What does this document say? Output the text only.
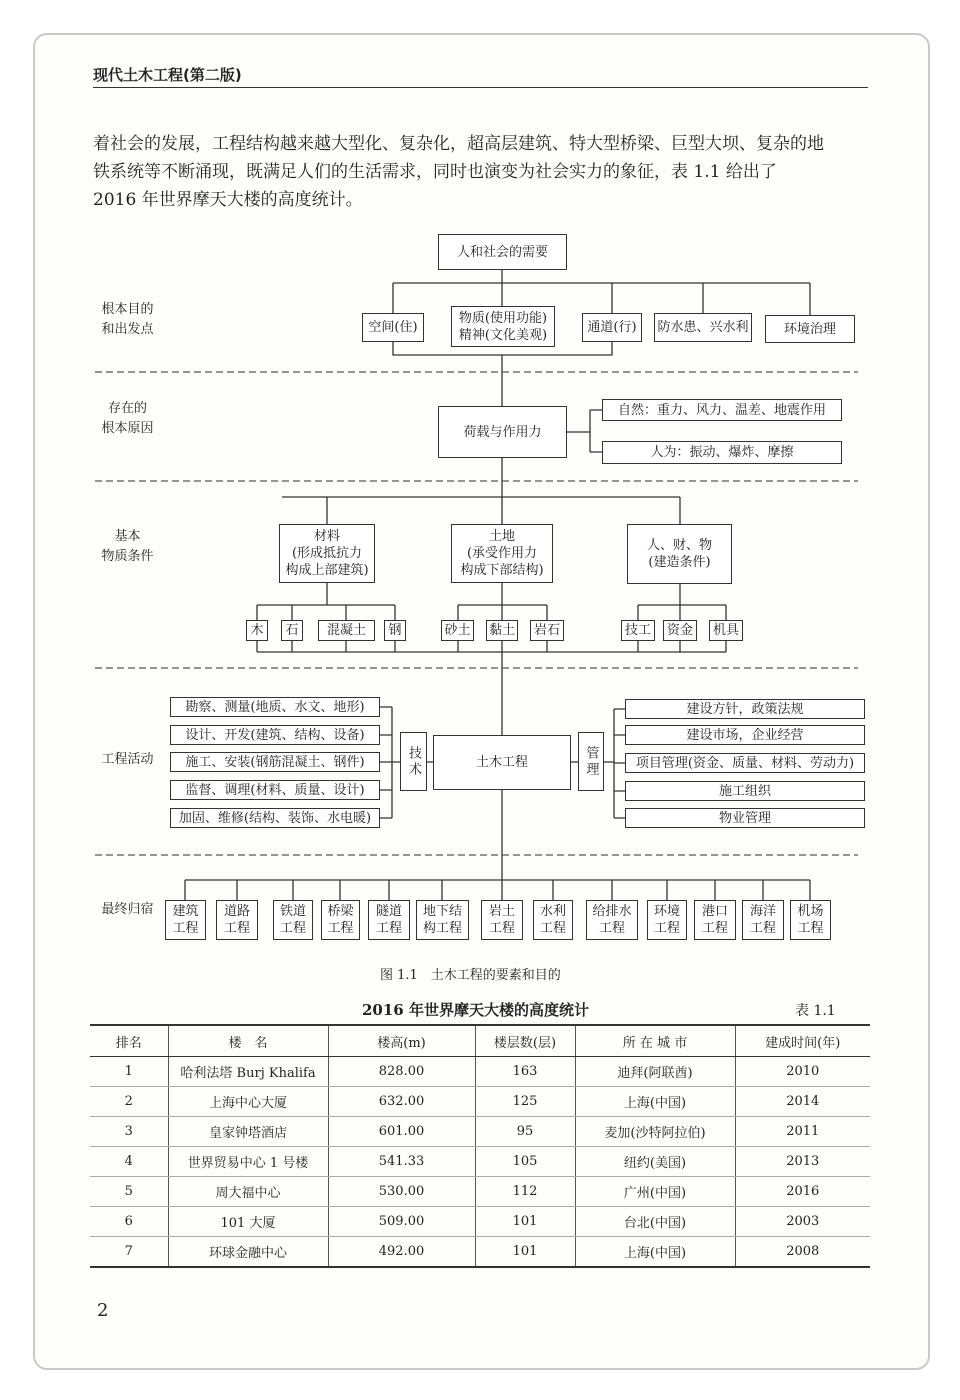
现代土木工程(第二版)
着社会的发展，工程结构越来越大型化、复杂化，超高层建筑、特大型桥梁、巨型大坝、复杂的地
铁系统等不断涌现，既满足人们的生活需求，同时也演变为社会实力的象征，表 1.1 给出了
2016 年世界摩天大楼的高度统计。
根本目的
和出发点
存在的
根本原因
基本
物质条件
工程活动
最终归宿
人和社会的需要
空间(住)
物质(使用功能)
精神(文化美观)	通道(行)	防水患、兴水利	环境治理
荷载与作用力
自然：重力、风力、温差、地震作用
人为：振动、爆炸、摩擦
材料
(形成抵抗力
构成上部建筑)
土地
(承受作用力
构成下部结构)
人、财、物
(建造条件)
木	石	混凝土	钢	砂土 黏土	岩石	技工	资金	机具
勘察、测量(地质、水文、地形)
设计、开发(建筑、结构、设备)
施工、安装(钢筋混凝土、钢件)
监督、调理(材料、质量、设计)
加固、维修(结构、装饰、水电暖)
技术	土木工程	管理
建设方针，政策法规
建设市场，企业经营
项目管理(资金、质量、材料、劳动力)
施工组织
物业管理
建筑
工程
道路
工程
铁道
工程
桥梁
工程
隧道
工程
地下结
构工程
岩土
工程
水利
工程
给排水
工程
环境
工程
港口
工程
海洋
工程
机场
工程
图 1.1　土木工程的要素和目的
2016 年世界摩天大楼的高度统计	表 1.1
排名	楼　名	楼高(m)	楼层数(层)	所 在 城 市	建成时间(年)
1	哈利法塔 Burj Khalifa	828.00	163	迪拜(阿联酋)	2010
2	上海中心大厦	632.00	125	上海(中国)	2014
3	皇家钟塔酒店	601.00	95	麦加(沙特阿拉伯)	2011
4	世界贸易中心 1 号楼	541.33	105	纽约(美国)	2013
5	周大福中心	530.00	112	广州(中国)	2016
6	101 大厦	509.00	101	台北(中国)	2003
7	环球金融中心	492.00	101	上海(中国)	2008
2
